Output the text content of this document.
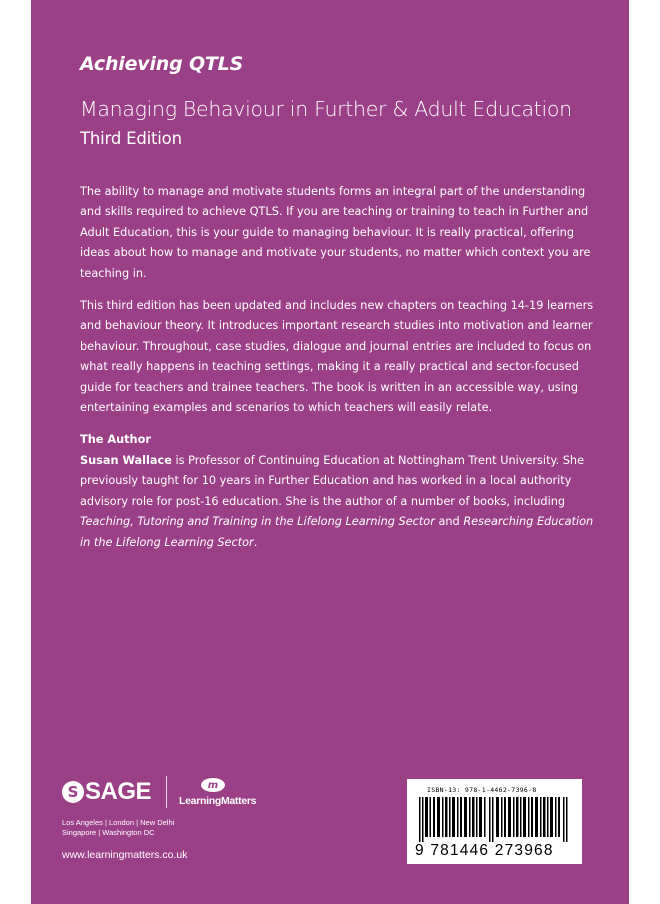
Achieving QTLS
Managing Behaviour in Further & Adult Education
Third Edition

The ability to manage and motivate students forms an integral part of the understanding and skills required to achieve QTLS. If you are teaching or training to teach in Further and Adult Education, this is your guide to managing behaviour. It is really practical, offering ideas about how to manage and motivate your students, no matter which context you are teaching in.

This third edition has been updated and includes new chapters on teaching 14-19 learners and behaviour theory. It introduces important research studies into motivation and learner behaviour. Throughout, case studies, dialogue and journal entries are included to focus on what really happens in teaching settings, making it a really practical and sector-focused guide for teachers and trainee teachers. The book is written in an accessible way, using entertaining examples and scenarios to which teachers will easily relate.

The Author
Susan Wallace is Professor of Continuing Education at Nottingham Trent University. She previously taught for 10 years in Further Education and has worked in a local authority advisory role for post-16 education. She is the author of a number of books, including Teaching, Tutoring and Training in the Lifelong Learning Sector and Researching Education in the Lifelong Learning Sector.
S SAGE	m
LearningMatters
Los Angeles | London | New Delhi
Singapore | Washington DC
www.learningmatters.co.uk
ISBN-13: 978-1-4462-7396-8
9 781446 273968
